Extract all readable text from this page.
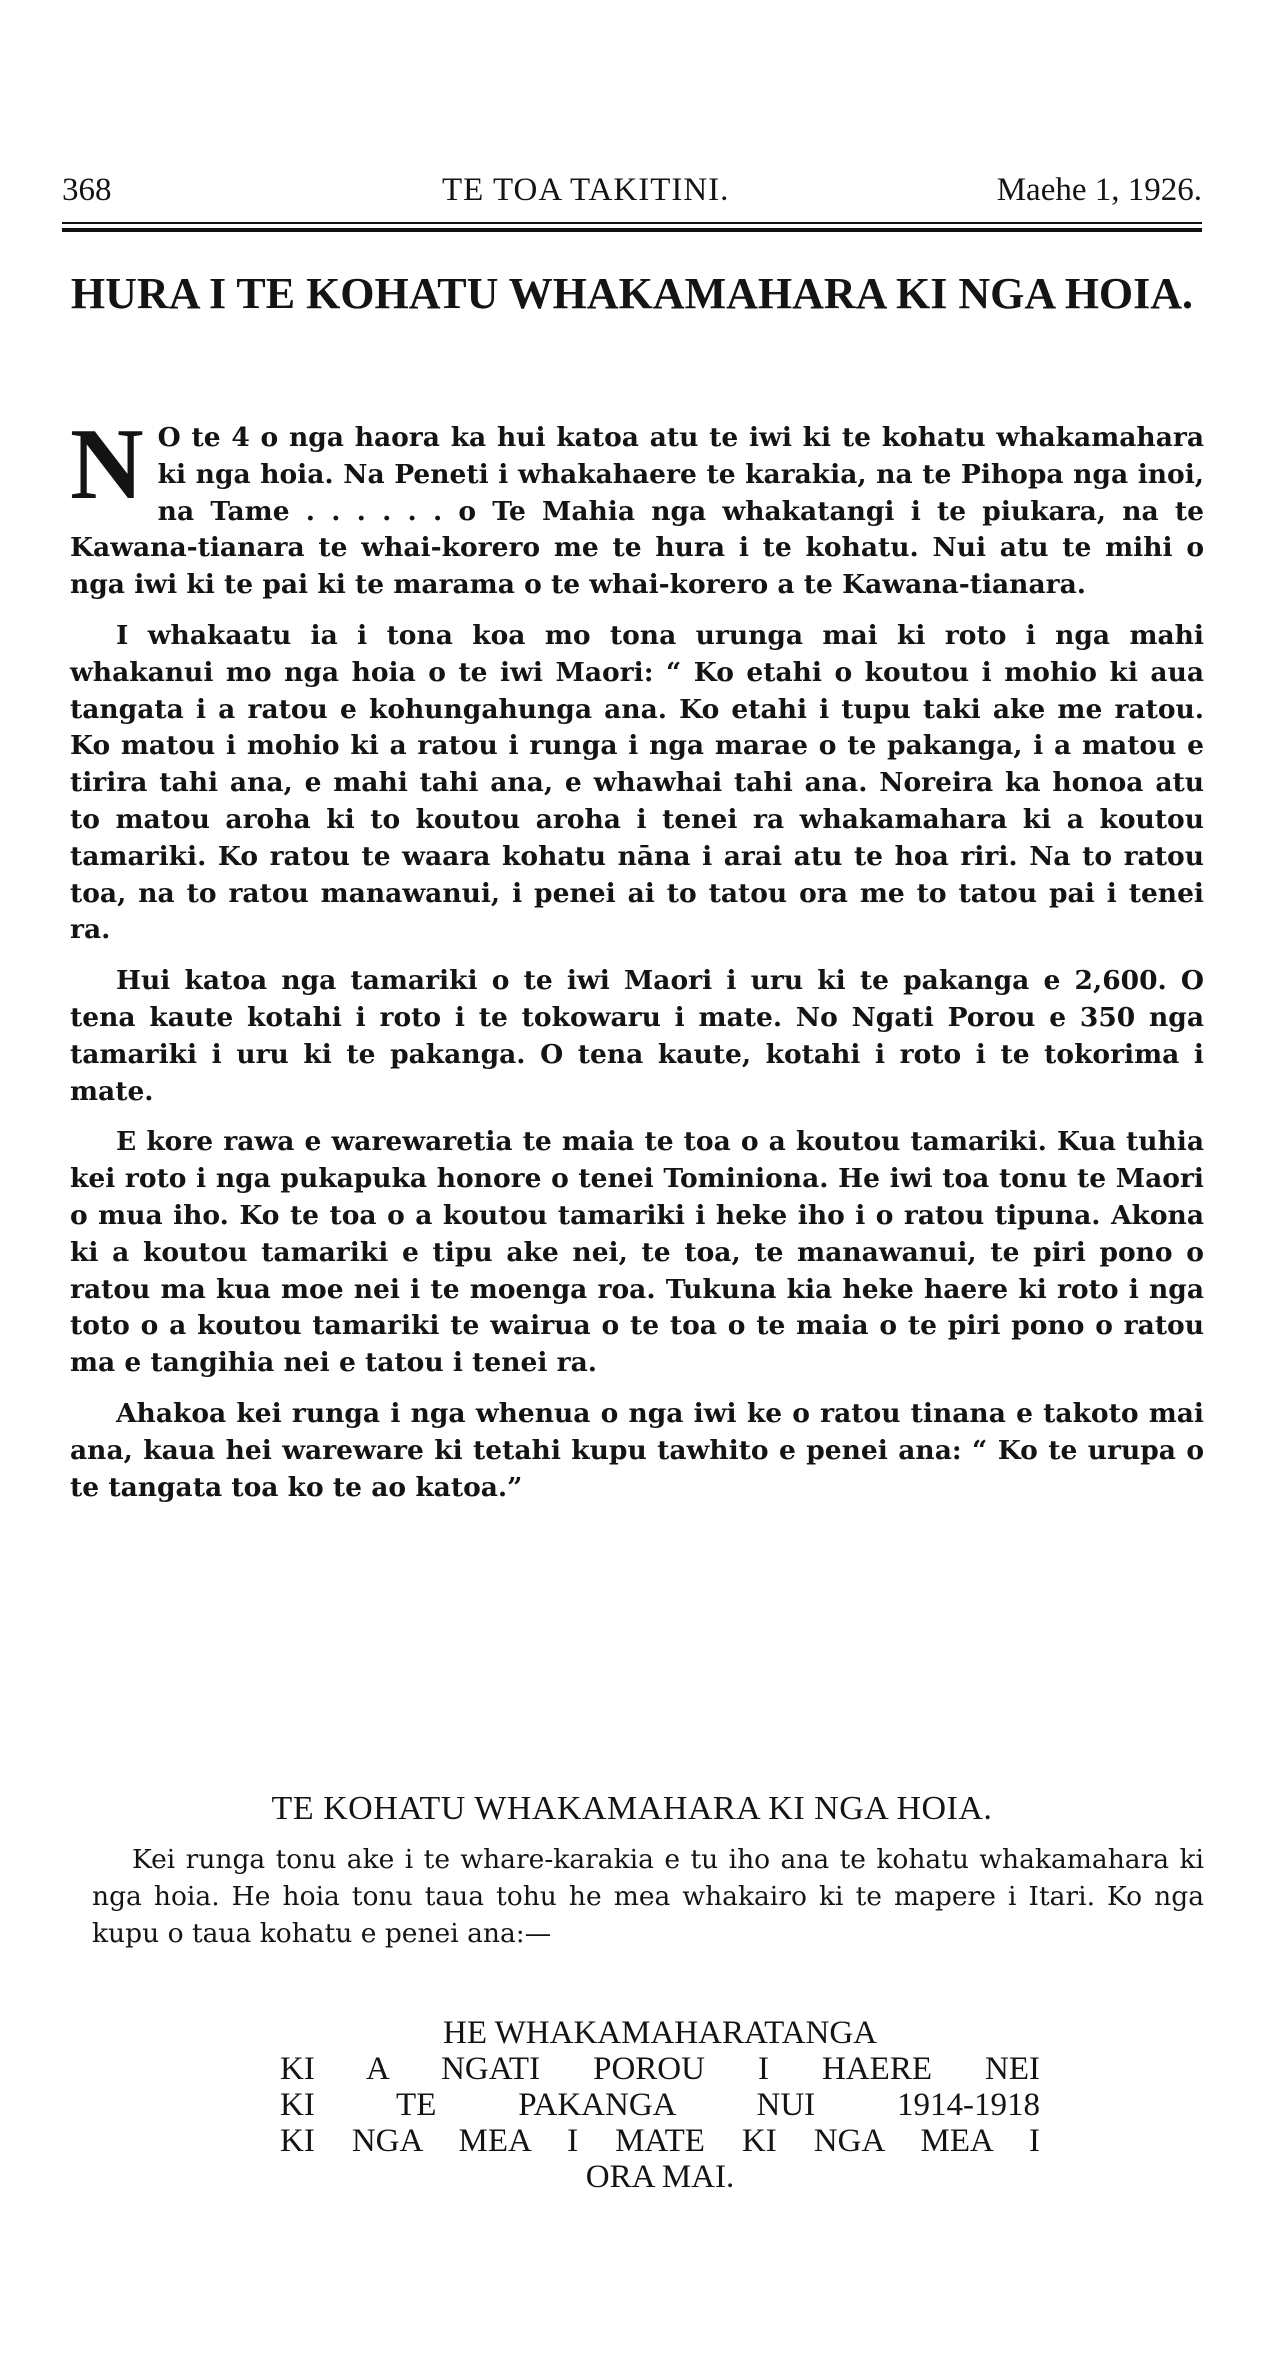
368	TE TOA TAKITINI.	Maehe 1, 1926.
HURA I TE KOHATU WHAKAMAHARA KI NGA HOIA.

N O te 4 o nga haora ka hui katoa atu te iwi ki te kohatu whakamahara ki nga hoia. Na Peneti i whakahaere te karakia, na te Pihopa nga inoi, na Tame . . . . . . o Te Mahia nga whakatangi i te piukara, na te Kawana-tianara te whai-korero me te hura i te kohatu. Nui atu te mihi o nga iwi ki te pai ki te marama o te whai-korero a te Kawana-tianara.

I whakaatu ia i tona koa mo tona urunga mai ki roto i nga mahi whakanui mo nga hoia o te iwi Maori: “ Ko etahi o koutou i mohio ki aua tangata i a ratou e kohungahunga ana. Ko etahi i tupu taki ake me ratou. Ko matou i mohio ki a ratou i runga i nga marae o te pakanga, i a matou e tirira tahi ana, e mahi tahi ana, e whawhai tahi ana. Noreira ka honoa atu to matou aroha ki to koutou aroha i tenei ra whakamahara ki a koutou tamariki. Ko ratou te waara kohatu nāna i arai atu te hoa riri. Na to ratou toa, na to ratou manawanui, i penei ai to tatou ora me to tatou pai i tenei ra.

Hui katoa nga tamariki o te iwi Maori i uru ki te pakanga e 2,600. O tena kaute kotahi i roto i te tokowaru i mate. No Ngati Porou e 350 nga tamariki i uru ki te pakanga. O tena kaute, kotahi i roto i te tokorima i mate.

E kore rawa e warewaretia te maia te toa o a koutou tamariki. Kua tuhia kei roto i nga pukapuka honore o tenei Tominiona. He iwi toa tonu te Maori o mua iho. Ko te toa o a koutou tamariki i heke iho i o ratou tipuna. Akona ki a koutou tamariki e tipu ake nei, te toa, te manawanui, te piri pono o ratou ma kua moe nei i te moenga roa. Tukuna kia heke haere ki roto i nga toto o a koutou tamariki te wairua o te toa o te maia o te piri pono o ratou ma e tangihia nei e tatou i tenei ra.

Ahakoa kei runga i nga whenua o nga iwi ke o ratou tinana e takoto mai ana, kaua hei wareware ki tetahi kupu tawhito e penei ana: “ Ko te urupa o te tangata toa ko te ao katoa.”

TE KOHATU WHAKAMAHARA KI NGA HOIA.

Kei runga tonu ake i te whare-karakia e tu iho ana te kohatu whakamahara ki nga hoia. He hoia tonu taua tohu he mea whakairo ki te mapere i Itari. Ko nga kupu o taua kohatu e penei ana:—

HE WHAKAMAHARATANGA
KI A NGATI POROU I HAERE NEI
KI TE PAKANGA NUI 1914-1918
KI NGA MEA I MATE KI NGA MEA I
ORA MAI.
